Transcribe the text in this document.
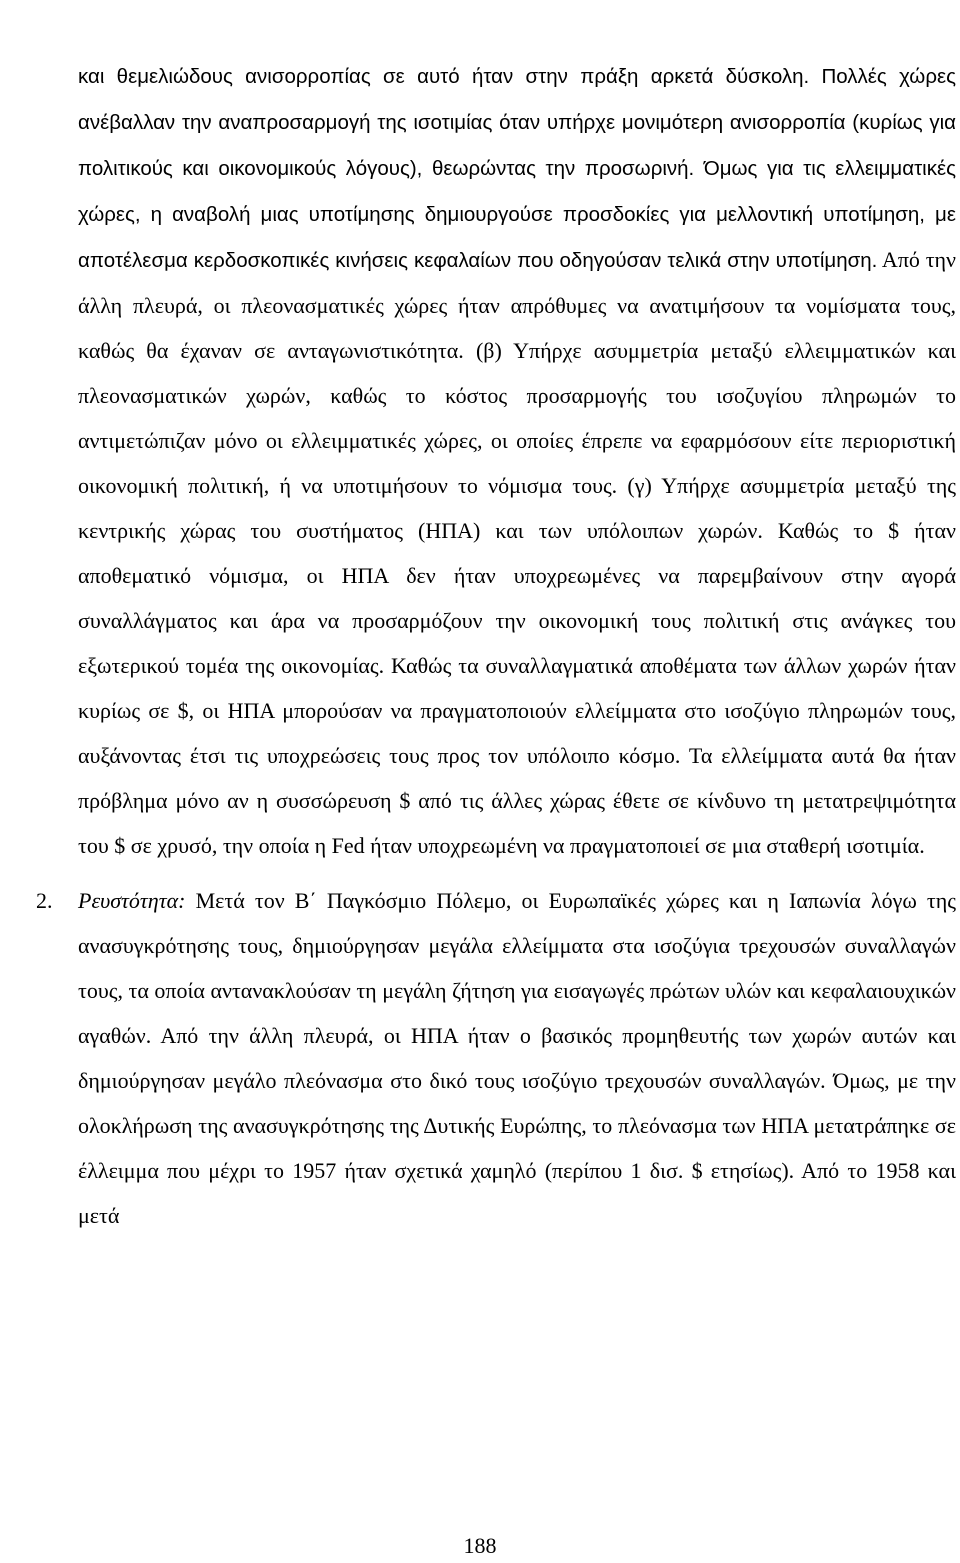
και θεμελιώδους ανισορροπίας σε αυτό ήταν στην πράξη αρκετά δύσκολη. Πολλές χώρες ανέβαλλαν την αναπροσαρμογή της ισοτιμίας όταν υπήρχε μονιμότερη ανισορροπία (κυρίως για πολιτικούς και οικονομικούς λόγους), θεωρώντας την προσωρινή. Όμως για τις ελλειμματικές χώρες, η αναβολή μιας υποτίμησης δημιουργούσε προσδοκίες για μελλοντική υποτίμηση, με αποτέλεσμα κερδοσκοπικές κινήσεις κεφαλαίων που οδηγούσαν τελικά στην υποτίμηση. Από την άλλη πλευρά, οι πλεονασματικές χώρες ήταν απρόθυμες να ανατιμήσουν τα νομίσματα τους, καθώς θα έχαναν σε ανταγωνιστικότητα. (β) Υπήρχε ασυμμετρία μεταξύ ελλειμματικών και πλεονασματικών χωρών, καθώς το κόστος προσαρμογής του ισοζυγίου πληρωμών το αντιμετώπιζαν μόνο οι ελλειμματικές χώρες, οι οποίες έπρεπε να εφαρμόσουν είτε περιοριστική οικονομική πολιτική, ή να υποτιμήσουν το νόμισμα τους. (γ) Υπήρχε ασυμμετρία μεταξύ της κεντρικής χώρας του συστήματος (ΗΠΑ) και των υπόλοιπων χωρών. Καθώς το $ ήταν αποθεματικό νόμισμα, οι ΗΠΑ δεν ήταν υποχρεωμένες να παρεμβαίνουν στην αγορά συναλλάγματος και άρα να προσαρμόζουν την οικονομική τους πολιτική στις ανάγκες του εξωτερικού τομέα της οικονομίας. Καθώς τα συναλλαγματικά αποθέματα των άλλων χωρών ήταν κυρίως σε $, οι ΗΠΑ μπορούσαν να πραγματοποιούν ελλείμματα στο ισοζύγιο πληρωμών τους, αυξάνοντας έτσι τις υποχρεώσεις τους προς τον υπόλοιπο κόσμο. Τα ελλείμματα αυτά θα ήταν πρόβλημα μόνο αν η συσσώρευση $ από τις άλλες χώρας έθετε σε κίνδυνο τη μετατρεψιμότητα του $ σε χρυσό, την οποία η Fed ήταν υποχρεωμένη να πραγματοποιεί σε μια σταθερή ισοτιμία.

2. Ρευστότητα: Μετά τον Β΄ Παγκόσμιο Πόλεμο, οι Ευρωπαϊκές χώρες και η Ιαπωνία λόγω της ανασυγκρότησης τους, δημιούργησαν μεγάλα ελλείμματα στα ισοζύγια τρεχουσών συναλλαγών τους, τα οποία αντανακλούσαν τη μεγάλη ζήτηση για εισαγωγές πρώτων υλών και κεφαλαιουχικών αγαθών. Από την άλλη πλευρά, οι ΗΠΑ ήταν ο βασικός προμηθευτής των χωρών αυτών και δημιούργησαν μεγάλο πλεόνασμα στο δικό τους ισοζύγιο τρεχουσών συναλλαγών. Όμως, με την ολοκλήρωση της ανασυγκρότησης της Δυτικής Ευρώπης, το πλεόνασμα των ΗΠΑ μετατράπηκε σε έλλειμμα που μέχρι το 1957 ήταν σχετικά χαμηλό (περίπου 1 δισ. $ ετησίως). Από το 1958 και μετά

188
